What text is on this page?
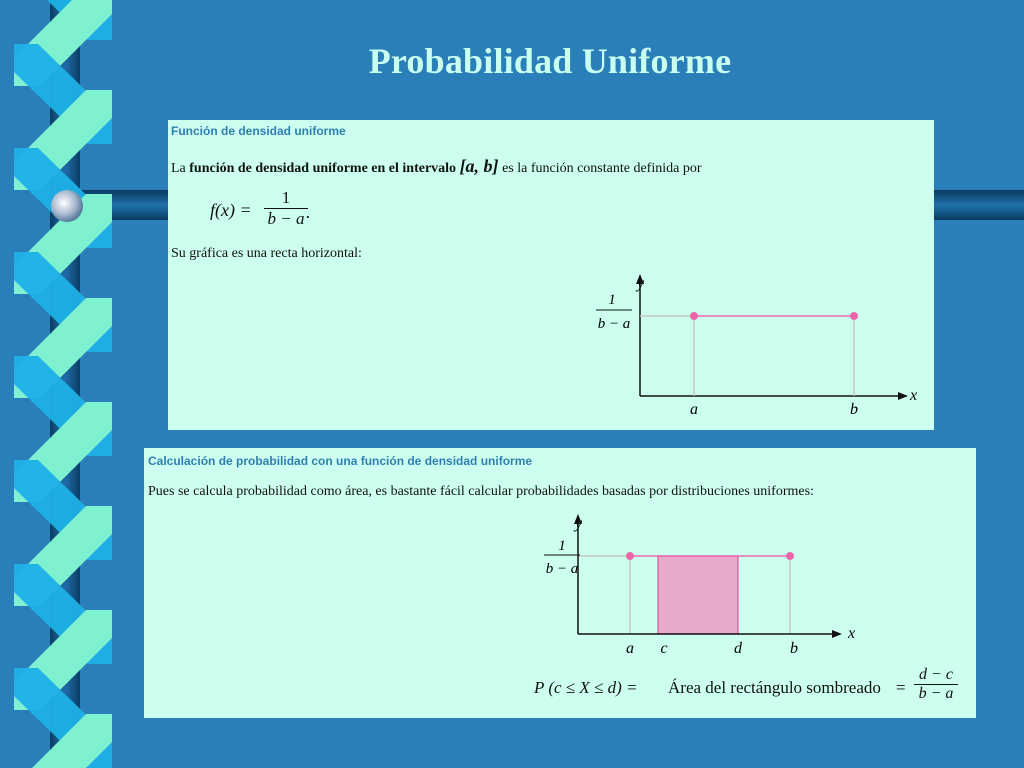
Probabilidad Uniforme
Función de densidad uniforme
La función de densidad uniforme en el intervalo [a, b] es la función constante definida por
f(x) =
1
b − a .
Su gráfica es una recta horizontal:
y
x
1
b − a
a	b
Calculación de probabilidad con una función de densidad uniforme
Pues se calcula probabilidad como área, es bastante fácil calcular probabilidades basadas por distribuciones uniformes:
y
x
1
b − a
a c	d	b
P (c ≤ X ≤ d) = Área del rectángulo sombreado =
d − c
b − a
